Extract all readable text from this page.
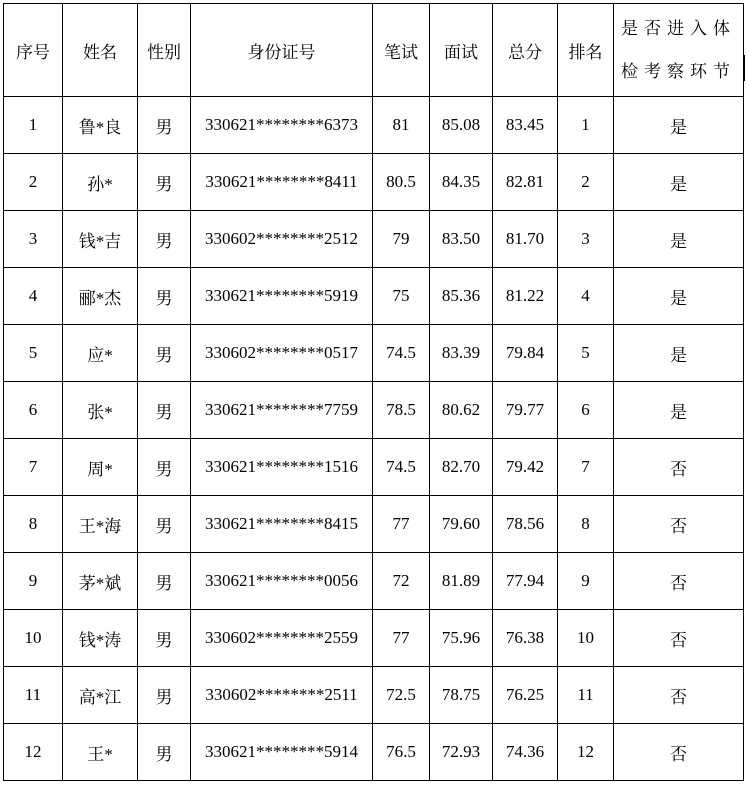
序号	姓名	性别	身份证号	笔试	面试	总分	排名	是否进入体检考察环节
1	鲁*良	男	330621********6373	81	85.08	83.45	1	是
2	孙*	男	330621********8411	80.5	84.35	82.81	2	是
3	钱*吉	男	330602********2512	79	83.50	81.70	3	是
4	郦*杰	男	330621********5919	75	85.36	81.22	4	是
5	应*	男	330602********0517	74.5	83.39	79.84	5	是
6	张*	男	330621********7759	78.5	80.62	79.77	6	是
7	周*	男	330621********1516	74.5	82.70	79.42	7	否
8	王*海	男	330621********8415	77	79.60	78.56	8	否
9	茅*斌	男	330621********0056	72	81.89	77.94	9	否
10	钱*涛	男	330602********2559	77	75.96	76.38	10	否
11	高*江	男	330602********2511	72.5	78.75	76.25	11	否
12	王*	男	330621********5914	76.5	72.93	74.36	12	否
